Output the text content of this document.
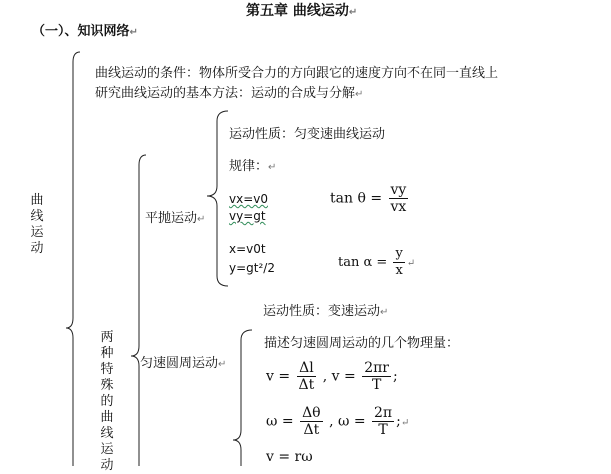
第五章 曲线运动↵
（一）、知识网络↵
曲线运动
曲线运动的条件：物体所受合力的方向跟它的速度方向不在同一直线上
研究曲线运动的基本方法：运动的合成与分解↵
两种特殊的曲线运动
平抛运动↵
运动性质：匀变速曲线运动
规律：↵
vx=v0
vy=gt
x=v0t
y=gt²/2
$\tan \theta = \frac{vy}{vx}$
$\tan \alpha = \frac{y}{x}$ ↵
匀速圆周运动↵
运动性质：变速运动↵
描述匀速圆周运动的几个物理量：
$v = \frac{\Delta l}{\Delta t}$ , $v = \frac{2\pi r}{T}$ ;
$\omega = \frac{\Delta\theta}{\Delta t}$ , $\omega = \frac{2\pi}{T}$ ;↵
v = rω
